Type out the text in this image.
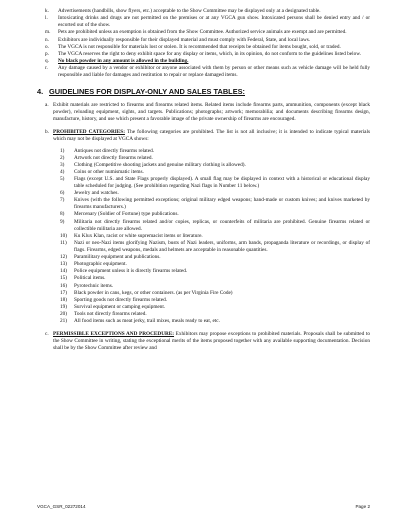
k.	Advertisements (handbills, show flyers, etc.) acceptable to the Show Committee may be displayed only at a designated table.
l.	Intoxicating drinks and drugs are not permitted on the premises or at any VGCA gun show. Intoxicated persons shall be denied entry and / or escorted out of the show.
m.	Pets are prohibited unless an exemption is obtained from the Show Committee. Authorized service animals are exempt and are permitted.
n.	Exhibitors are individually responsible for their displayed material and must comply with Federal, State, and local laws.
o.	The VGCA is not responsible for materials lost or stolen. It is recommended that receipts be obtained for items bought, sold, or traded.
p.	The VGCA reserves the right to deny exhibit space for any display or items, which, in its opinion, do not conform to the guidelines listed below.
q.	No black powder in any amount is allowed in the building.
r.	Any damage caused by a vendor or exhibitor or anyone associated with them by person or other means such as vehicle damage will be held fully responsible and liable for damages and restitution to repair or replace damaged items.
4. GUIDELINES FOR DISPLAY-ONLY AND SALES TABLES:
a. Exhibit materials are restricted to firearms and firearms related items. Related items include firearms parts, ammunition, components (except black powder), reloading equipment, sights, and targets. Publications; photographs; artwork; memorabilia; and documents describing firearms design, manufacture, history, and use which present a favorable image of the private ownership of firearms are encouraged.
b. PROHIBITED CATEGORIES: The following categories are prohibited. The list is not all inclusive; it is intended to indicate typical materials which may not be displayed at VGCA shows:
1)	Antiques not directly firearms related.
2)	Artwork not directly firearms related.
3)	Clothing (Competitive shooting jackets and genuine military clothing is allowed).
4)	Coins or other numismatic items.
5)	Flags (except U.S. and State Flags properly displayed). A small flag may be displayed in context with a historical or educational display table scheduled for judging. (See prohibition regarding Nazi flags in Number 11 below.)
6)	Jewelry and watches.
7)	Knives (with the following permitted exceptions; original military edged weapons; hand-made or custom knives; and knives marketed by firearms manufacturers.)
8)	Mercenary (Soldier of Fortune) type publications.
9)	Militaria not directly firearms related and/or copies, replicas, or counterfeits of militaria are prohibited. Genuine firearms related or collectible militaria are allowed.
10)	Ku Klux Klan, racist or white supremacist items or literature.
11)	Nazi or neo-Nazi items glorifying Nazism, busts of Nazi leaders, uniforms, arm bands, propaganda literature or recordings, or display of flags. Firearms, edged weapons, medals and helmets are acceptable in reasonable quantities.
12)	Paramilitary equipment and publications.
13)	Photographic equipment.
14)	Police equipment unless it is directly firearms related.
15)	Political items.
16)	Pyrotechnic items.
17)	Black powder in cans, kegs, or other containers. (as per Virginia Fire Code)
18)	Sporting goods not directly firearms related.
19)	Survival equipment or camping equipment.
20)	Tools not directly firearms related.
21)	All food items such as meat jerky, trail mixes, meals ready to eat, etc.
c. PERMISSIBLE EXCEPTIONS AND PROCEDURE: Exhibitors may propose exceptions to prohibited materials. Proposals shall be submitted to the Show Committee in writing, stating the exceptional merits of the items proposed together with any available supporting documentation. Decision shall be by the Show Committee after review and
VGCA_GSR_02272014	Page 2
